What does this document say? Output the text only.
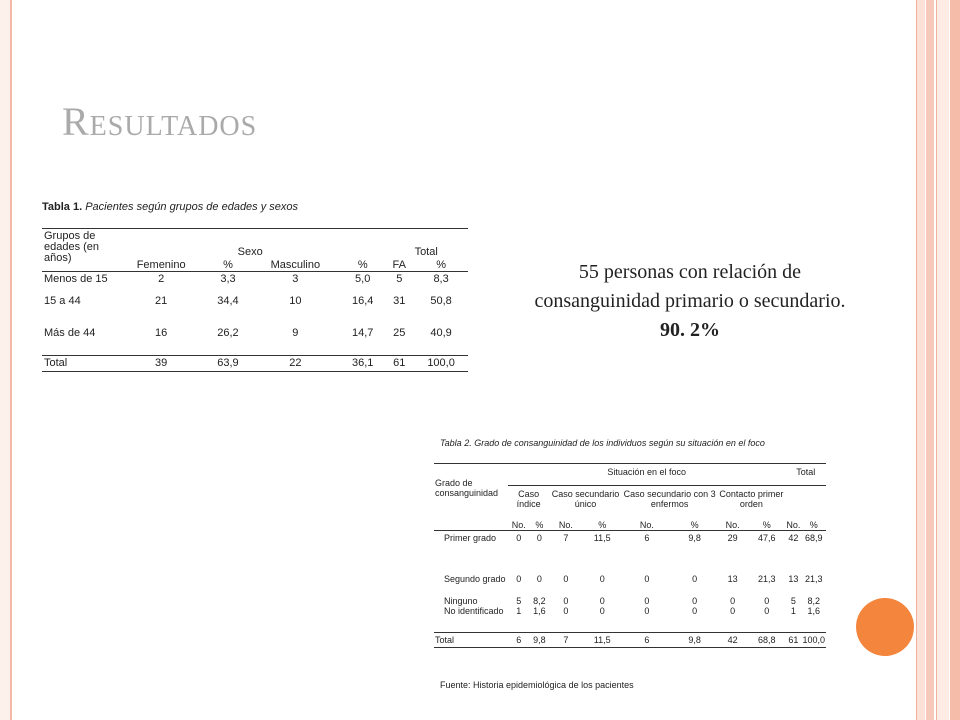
Resultados
Tabla 1. Pacientes según grupos de edades y sexos
Grupos de edades (en años)	Sexo				Total	
	Femenino	%	Masculino	%	FA	%
Menos de 15	2	3,3	3	5,0	5	8,3
15 a 44	21	34,4	10	16,4	31	50,8
Más de 44	16	26,2	9	14,7	25	40,9
Total	39	63,9	22	36,1	61	100,0
55 personas con relación de consanguinidad primario o secundario. 90. 2%
Tabla 2. Grado de consanguinidad de los individuos según su situación en el foco
Grado de consanguinidad	Situación en el foco								Total	
	Caso índice		Caso secundario único		Caso secundario con 3 enfermos		Contacto primer orden			
	No.	%	No.	%	No.	%	No.	%	No.	%
Primer grado	0	0	7	11,5	6	9,8	29	47,6	42	68,9
Segundo grado	0	0	0	0	0	0	13	21,3	13	21,3
Ninguno	5	8,2	0	0	0	0	0	0	5	8,2
No identificado	1	1,6	0	0	0	0	0	0	1	1,6
Total	6	9,8	7	11,5	6	9,8	42	68,8	61	100,0
Fuente: Historia epidemiológica de los pacientes
